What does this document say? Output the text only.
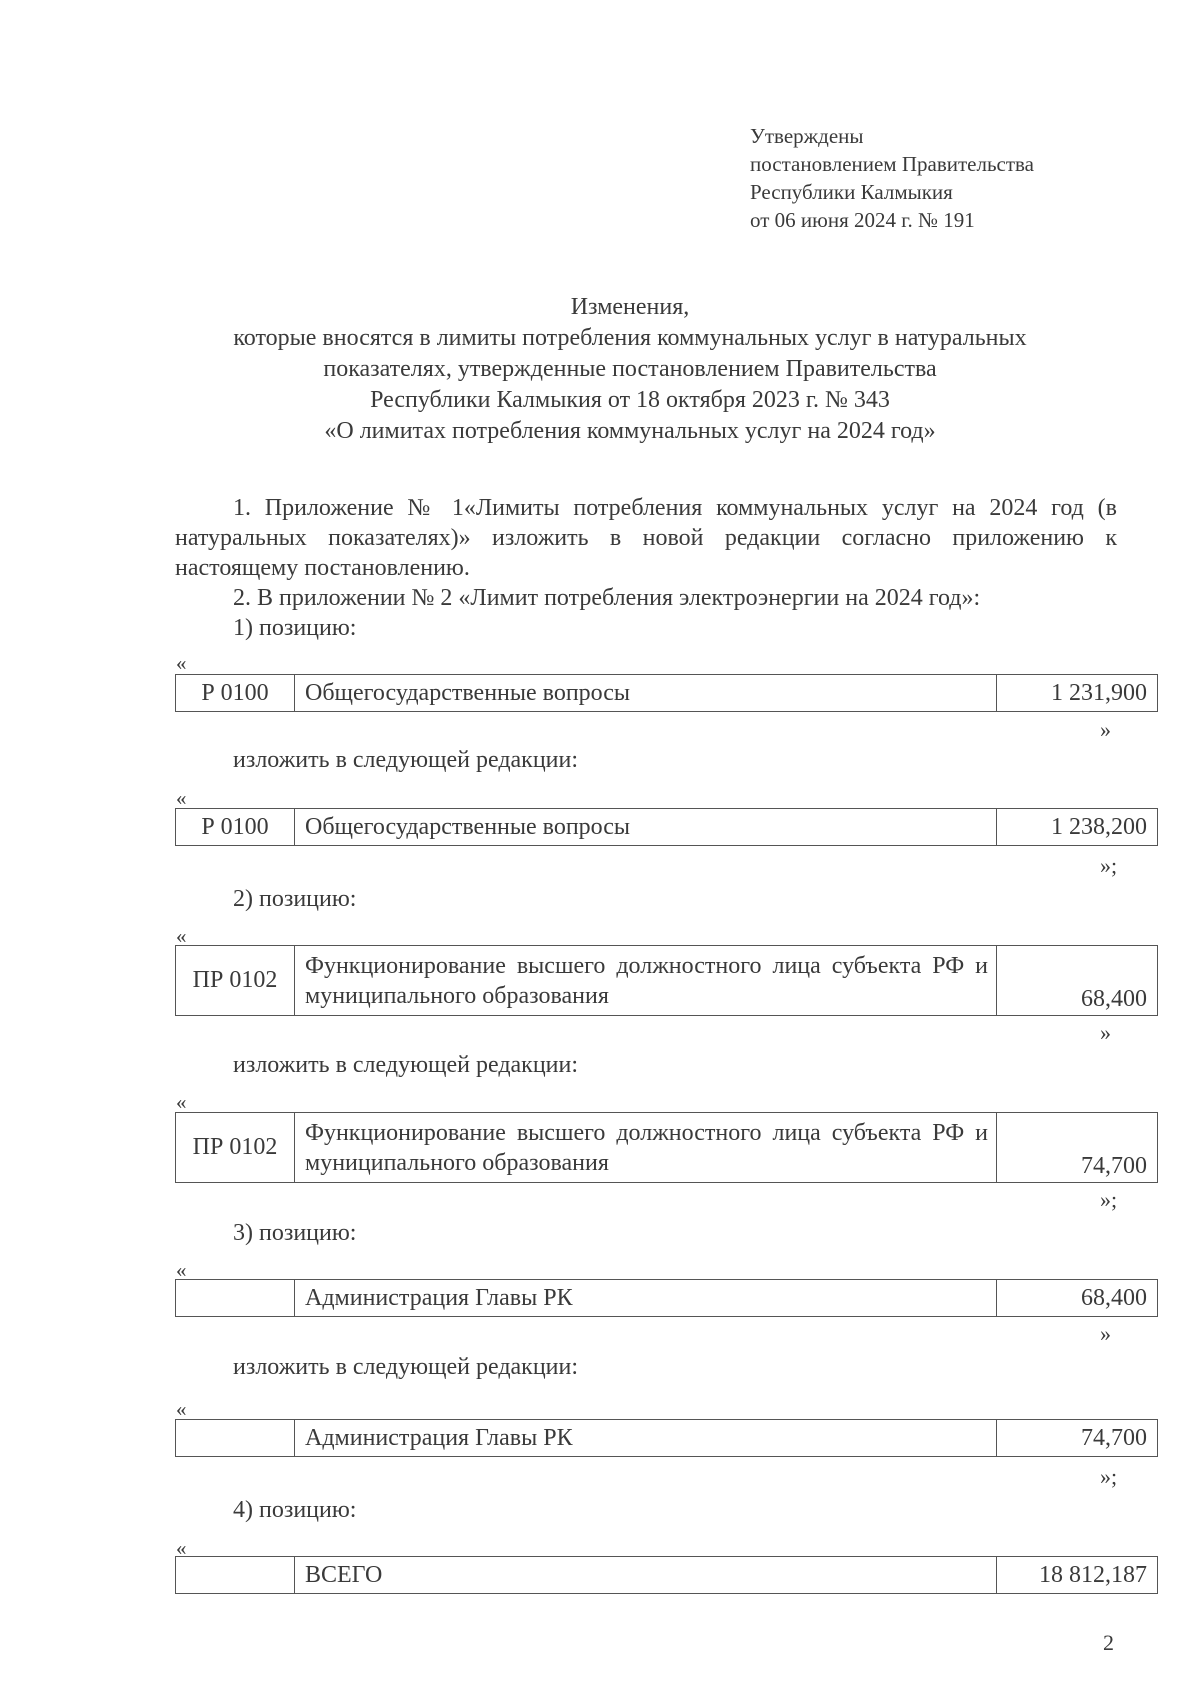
Утверждены
постановлением Правительства
Республики Калмыкия
от 06 июня 2024 г. № 191
Изменения,
которые вносятся в лимиты потребления коммунальных услуг в натуральных
показателях, утвержденные постановлением Правительства
Республики Калмыкия от 18 октября 2023 г. № 343
«О лимитах потребления коммунальных услуг на 2024 год»
1. Приложение № 1«Лимиты потребления коммунальных услуг на 2024 год (в натуральных показателях)» изложить в новой редакции согласно приложению к настоящему постановлению.
2. В приложении № 2 «Лимит потребления электроэнергии на 2024 год»:
1) позицию:
«
Р 0100	Общегосударственные вопросы	1 231,900
»
изложить в следующей редакции:
«
Р 0100	Общегосударственные вопросы	1 238,200
»;
2) позицию:
«
ПР 0102	Функционирование высшего должностного лица субъекта РФ и муниципального образования	68,400
»
изложить в следующей редакции:
«
ПР 0102	Функционирование высшего должностного лица субъекта РФ и муниципального образования	74,700
»;
3) позицию:
«
	Администрация Главы РК	68,400
»
изложить в следующей редакции:
«
	Администрация Главы РК	74,700
»;
4) позицию:
«
	ВСЕГО	18 812,187
2
